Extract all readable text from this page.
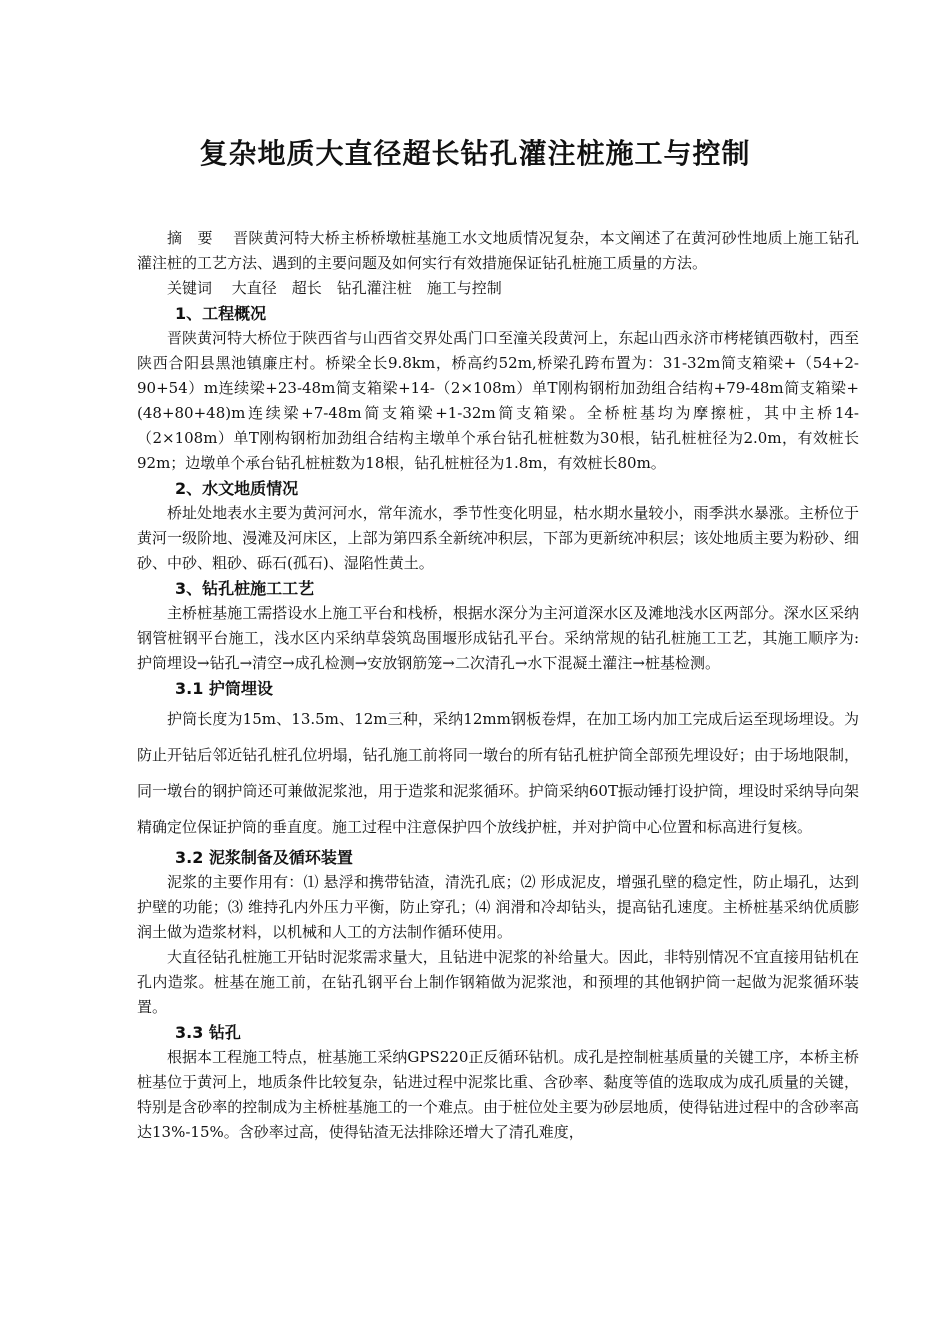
复杂地质大直径超长钻孔灌注桩施工与控制

摘　要　 晋陕黄河特大桥主桥桥墩桩基施工水文地质情况复杂，本文阐述了在黄河砂性地质上施工钻孔灌注桩的工艺方法、遇到的主要问题及如何实行有效措施保证钻孔桩施工质量的方法。

关键词　 大直径　超长　钻孔灌注桩　施工与控制

1、工程概况

晋陕黄河特大桥位于陕西省与山西省交界处禹门口至潼关段黄河上，东起山西永济市栲栳镇西敬村，西至陕西合阳县黑池镇廉庄村。桥梁全长9.8km，桥高约52m,桥梁孔跨布置为：31-32m简支箱梁+（54+2-90+54）m连续梁+23-48m简支箱梁+14-（2×108m）单T刚构钢桁加劲组合结构+79-48m简支箱梁+(48+80+48)m连续梁+7-48m简支箱梁+1-32m简支箱梁。全桥桩基均为摩擦桩，其中主桥14-（2×108m）单T刚构钢桁加劲组合结构主墩单个承台钻孔桩桩数为30根，钻孔桩桩径为2.0m，有效桩长92m；边墩单个承台钻孔桩桩数为18根，钻孔桩桩径为1.8m，有效桩长80m。

2、水文地质情况

桥址处地表水主要为黄河河水，常年流水，季节性变化明显，枯水期水量较小，雨季洪水暴涨。主桥位于黄河一级阶地、漫滩及河床区，上部为第四系全新统冲积层，下部为更新统冲积层；该处地质主要为粉砂、细砂、中砂、粗砂、砾石(孤石)、湿陷性黄土。

3、钻孔桩施工工艺

主桥桩基施工需搭设水上施工平台和栈桥，根据水深分为主河道深水区及滩地浅水区两部分。深水区采纳钢管桩钢平台施工，浅水区内采纳草袋筑岛围堰形成钻孔平台。采纳常规的钻孔桩施工工艺，其施工顺序为:护筒埋设→钻孔→清空→成孔检测→安放钢筋笼→二次清孔→水下混凝土灌注→桩基检测。

3.1 护筒埋设

护筒长度为15m、13.5m、12m三种，采纳12mm钢板卷焊，在加工场内加工完成后运至现场埋设。为防止开钻后邻近钻孔桩孔位坍塌，钻孔施工前将同一墩台的所有钻孔桩护筒全部预先埋设好；由于场地限制，同一墩台的钢护筒还可兼做泥浆池，用于造浆和泥浆循环。护筒采纳60T振动锤打设护筒，埋设时采纳导向架精确定位保证护筒的垂直度。施工过程中注意保护四个放线护桩，并对护筒中心位置和标高进行复核。

3.2 泥浆制备及循环装置

泥浆的主要作用有：⑴ 悬浮和携带钻渣，清洗孔底；⑵ 形成泥皮，增强孔壁的稳定性，防止塌孔，达到护壁的功能；⑶ 维持孔内外压力平衡，防止穿孔；⑷ 润滑和冷却钻头，提高钻孔速度。主桥桩基采纳优质膨润土做为造浆材料，以机械和人工的方法制作循环使用。

大直径钻孔桩施工开钻时泥浆需求量大，且钻进中泥浆的补给量大。因此，非特别情况不宜直接用钻机在孔内造浆。桩基在施工前，在钻孔钢平台上制作钢箱做为泥浆池，和预埋的其他钢护筒一起做为泥浆循环装置。

3.3 钻孔

根据本工程施工特点，桩基施工采纳GPS220正反循环钻机。成孔是控制桩基质量的关键工序，本桥主桥桩基位于黄河上，地质条件比较复杂，钻进过程中泥浆比重、含砂率、黏度等值的选取成为成孔质量的关键，特别是含砂率的控制成为主桥桩基施工的一个难点。由于桩位处主要为砂层地质，使得钻进过程中的含砂率高达13%-15%。含砂率过高，使得钻渣无法排除还增大了清孔难度，
